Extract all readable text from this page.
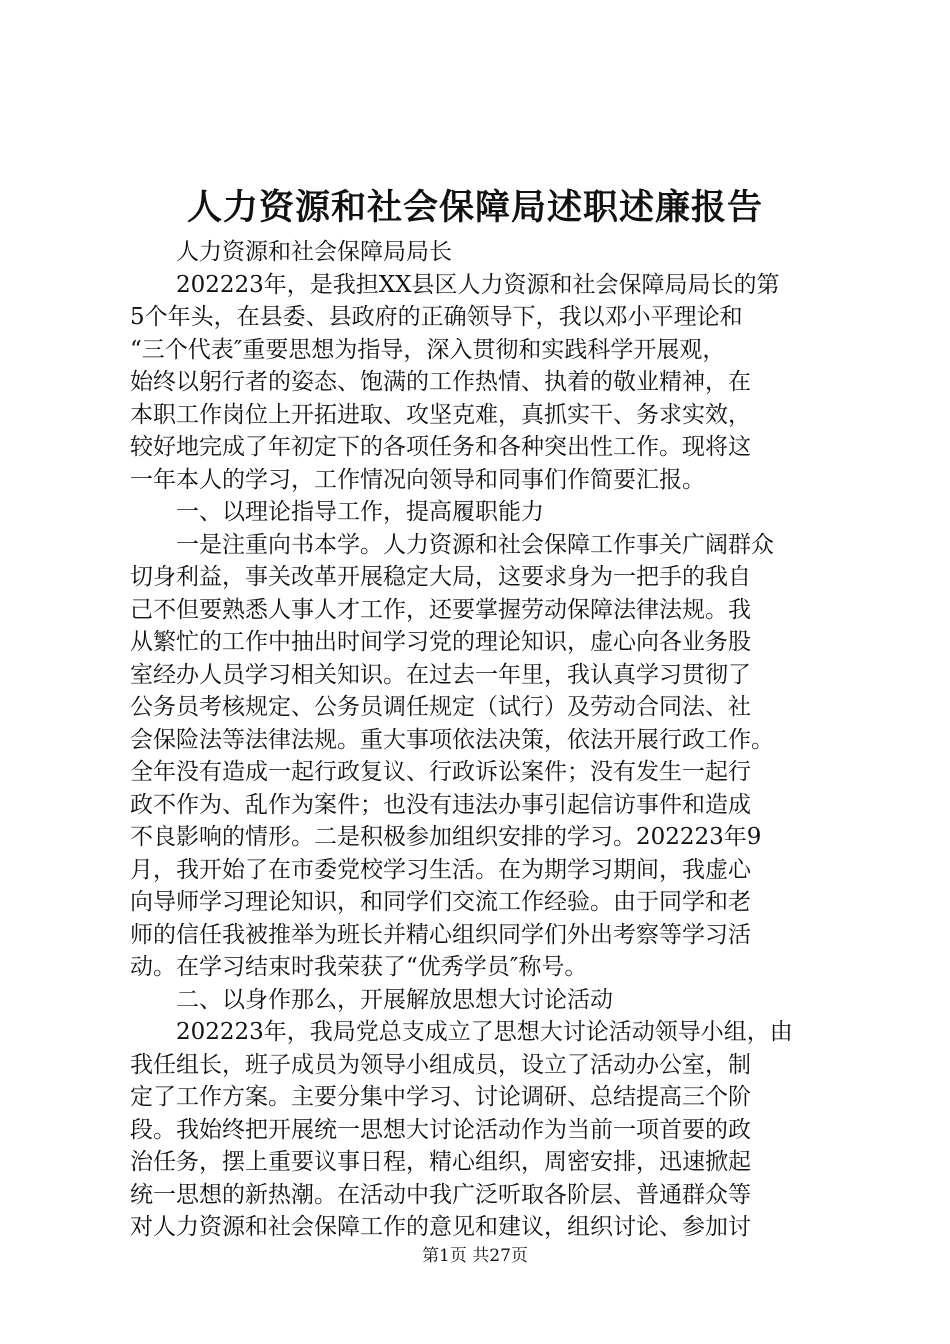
人力资源和社会保障局述职述廉报告
人力资源和社会保障局局长
202223年，是我担XX县区人力资源和社会保障局局长的第
5个年头，在县委、县政府的正确领导下，我以邓小平理论和
“三个代表″重要思想为指导，深入贯彻和实践科学开展观，
始终以躬行者的姿态、饱满的工作热情、执着的敬业精神，在
本职工作岗位上开拓进取、攻坚克难，真抓实干、务求实效，
较好地完成了年初定下的各项任务和各种突出性工作。现将这
一年本人的学习，工作情况向领导和同事们作简要汇报。
一、以理论指导工作，提高履职能力
一是注重向书本学。人力资源和社会保障工作事关广阔群众
切身利益，事关改革开展稳定大局，这要求身为一把手的我自
己不但要熟悉人事人才工作，还要掌握劳动保障法律法规。我
从繁忙的工作中抽出时间学习党的理论知识，虚心向各业务股
室经办人员学习相关知识。在过去一年里，我认真学习贯彻了
公务员考核规定、公务员调任规定（试行）及劳动合同法、社
会保险法等法律法规。重大事项依法决策，依法开展行政工作。
全年没有造成一起行政复议、行政诉讼案件；没有发生一起行
政不作为、乱作为案件；也没有违法办事引起信访事件和造成
不良影响的情形。二是积极参加组织安排的学习。202223年9
月，我开始了在市委党校学习生活。在为期学习期间，我虚心
向导师学习理论知识，和同学们交流工作经验。由于同学和老
师的信任我被推举为班长并精心组织同学们外出考察等学习活
动。在学习结束时我荣获了“优秀学员″称号。
二、以身作那么，开展解放思想大讨论活动
202223年，我局党总支成立了思想大讨论活动领导小组，由
我任组长，班子成员为领导小组成员，设立了活动办公室，制
定了工作方案。主要分集中学习、讨论调研、总结提高三个阶
段。我始终把开展统一思想大讨论活动作为当前一项首要的政
治任务，摆上重要议事日程，精心组织，周密安排，迅速掀起
统一思想的新热潮。在活动中我广泛听取各阶层、普通群众等
对人力资源和社会保障工作的意见和建议，组织讨论、参加讨
第1页 共27页
